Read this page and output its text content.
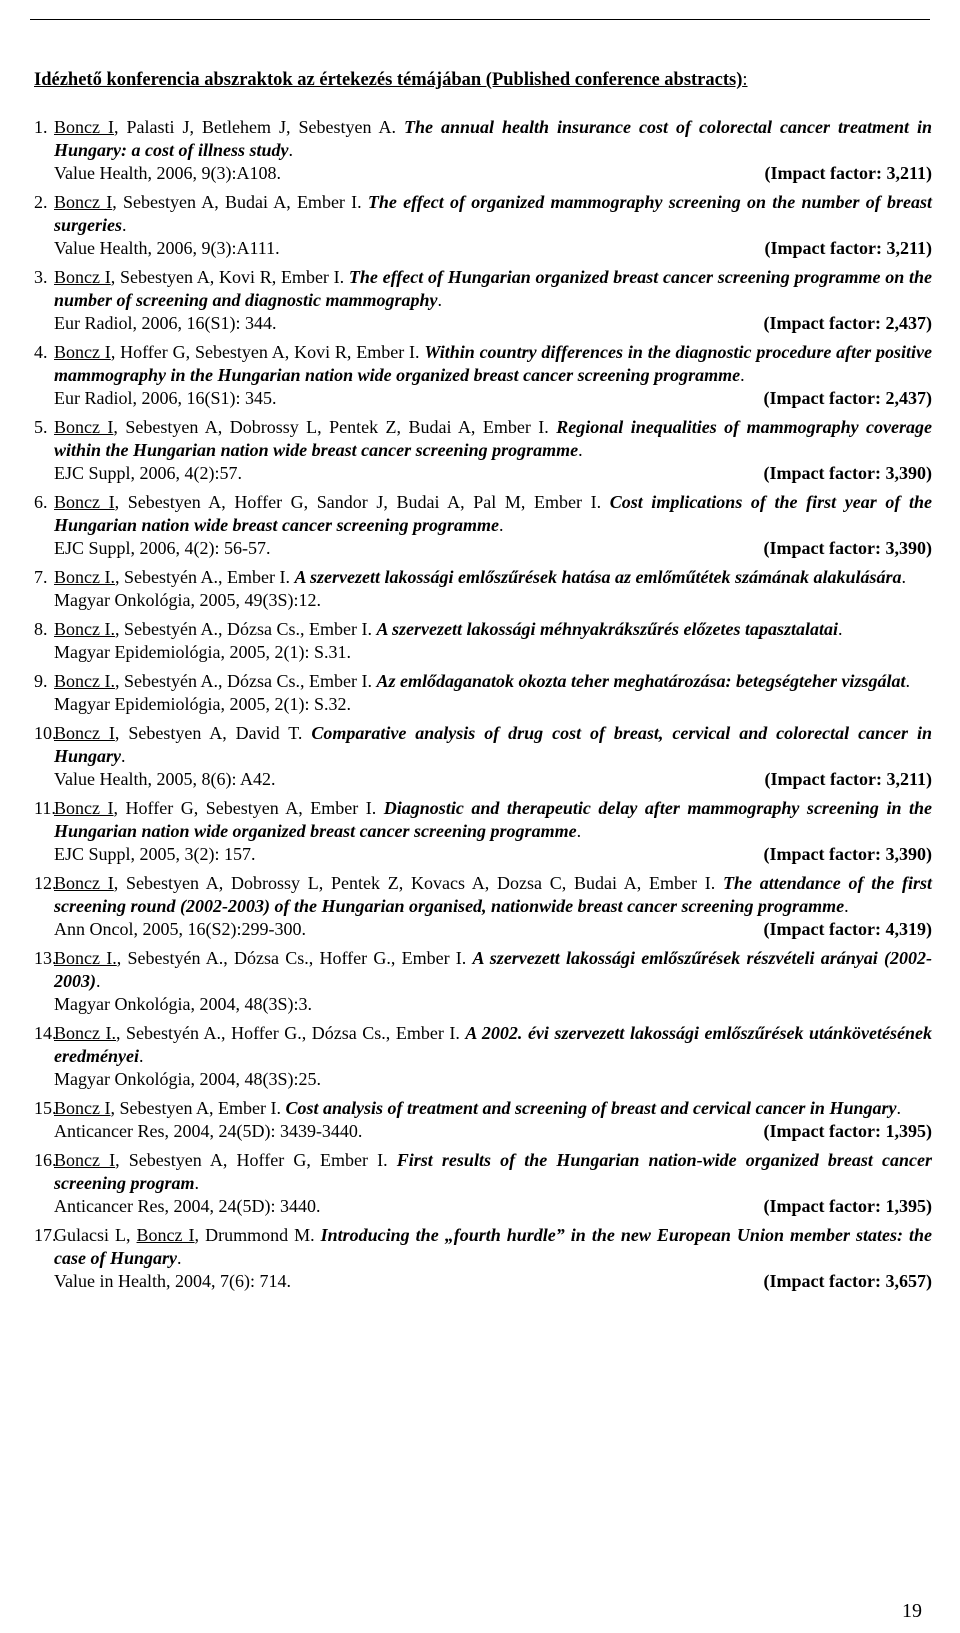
Idézhető konferencia abszraktok az értekezés témájában (Published conference abstracts):
1. Boncz I, Palasti J, Betlehem J, Sebestyen A. The annual health insurance cost of colorectal cancer treatment in Hungary: a cost of illness study.

Value Health, 2006, 9(3):A108.	(Impact factor: 3,211)
2. Boncz I, Sebestyen A, Budai A, Ember I. The effect of organized mammography screening on the number of breast surgeries.

Value Health, 2006, 9(3):A111.	(Impact factor: 3,211)
3. Boncz I, Sebestyen A, Kovi R, Ember I. The effect of Hungarian organized breast cancer screening programme on the number of screening and diagnostic mammography.

Eur Radiol, 2006, 16(S1): 344.	(Impact factor: 2,437)
4. Boncz I, Hoffer G, Sebestyen A, Kovi R, Ember I. Within country differences in the diagnostic procedure after positive mammography in the Hungarian nation wide organized breast cancer screening programme.

Eur Radiol, 2006, 16(S1): 345.	(Impact factor: 2,437)
5. Boncz I, Sebestyen A, Dobrossy L, Pentek Z, Budai A, Ember I. Regional inequalities of mammography coverage within the Hungarian nation wide breast cancer screening programme.

EJC Suppl, 2006, 4(2):57.	(Impact factor: 3,390)
6. Boncz I, Sebestyen A, Hoffer G, Sandor J, Budai A, Pal M, Ember I. Cost implications of the first year of the Hungarian nation wide breast cancer screening programme.

EJC Suppl, 2006, 4(2): 56-57.	(Impact factor: 3,390)
7. Boncz I., Sebestyén A., Ember I. A szervezett lakossági emlőszűrések hatása az emlőműtétek számának alakulására.

Magyar Onkológia, 2005, 49(3S):12.
8. Boncz I., Sebestyén A., Dózsa Cs., Ember I. A szervezett lakossági méhnyakrákszűrés előzetes tapasztalatai.

Magyar Epidemiológia, 2005, 2(1): S.31.
9. Boncz I., Sebestyén A., Dózsa Cs., Ember I. Az emlődaganatok okozta teher meghatározása: betegségteher vizsgálat.

Magyar Epidemiológia, 2005, 2(1): S.32.
10.

Boncz I, Sebestyen A, David T. Comparative analysis of drug cost of breast, cervical and colorectal cancer in Hungary.

Value Health, 2005, 8(6): A42.	(Impact factor: 3,211)
11.

Boncz I, Hoffer G, Sebestyen A, Ember I. Diagnostic and therapeutic delay after mammography screening in the Hungarian nation wide organized breast cancer screening programme.

EJC Suppl, 2005, 3(2): 157.	(Impact factor: 3,390)
12.

Boncz I, Sebestyen A, Dobrossy L, Pentek Z, Kovacs A, Dozsa C, Budai A, Ember I. The attendance of the first screening round (2002-2003) of the Hungarian organised, nationwide breast cancer screening programme.

Ann Oncol, 2005, 16(S2):299-300.	(Impact factor: 4,319)
13.

Boncz I., Sebestyén A., Dózsa Cs., Hoffer G., Ember I. A szervezett lakossági emlőszűrések részvételi arányai (2002-2003).

Magyar Onkológia, 2004, 48(3S):3.
14.

Boncz I., Sebestyén A., Hoffer G., Dózsa Cs., Ember I. A 2002. évi szervezett lakossági emlőszűrések utánkövetésének eredményei.

Magyar Onkológia, 2004, 48(3S):25.
15.

Boncz I, Sebestyen A, Ember I. Cost analysis of treatment and screening of breast and cervical cancer in Hungary.

Anticancer Res, 2004, 24(5D): 3439-3440.	(Impact factor: 1,395)
16.

Boncz I, Sebestyen A, Hoffer G, Ember I. First results of the Hungarian nation-wide organized breast cancer screening program.

Anticancer Res, 2004, 24(5D): 3440.	(Impact factor: 1,395)
17.

Gulacsi L, Boncz I, Drummond M. Introducing the „fourth hurdle” in the new European Union member states: the case of Hungary.

Value in Health, 2004, 7(6): 714.	(Impact factor: 3,657)
19
